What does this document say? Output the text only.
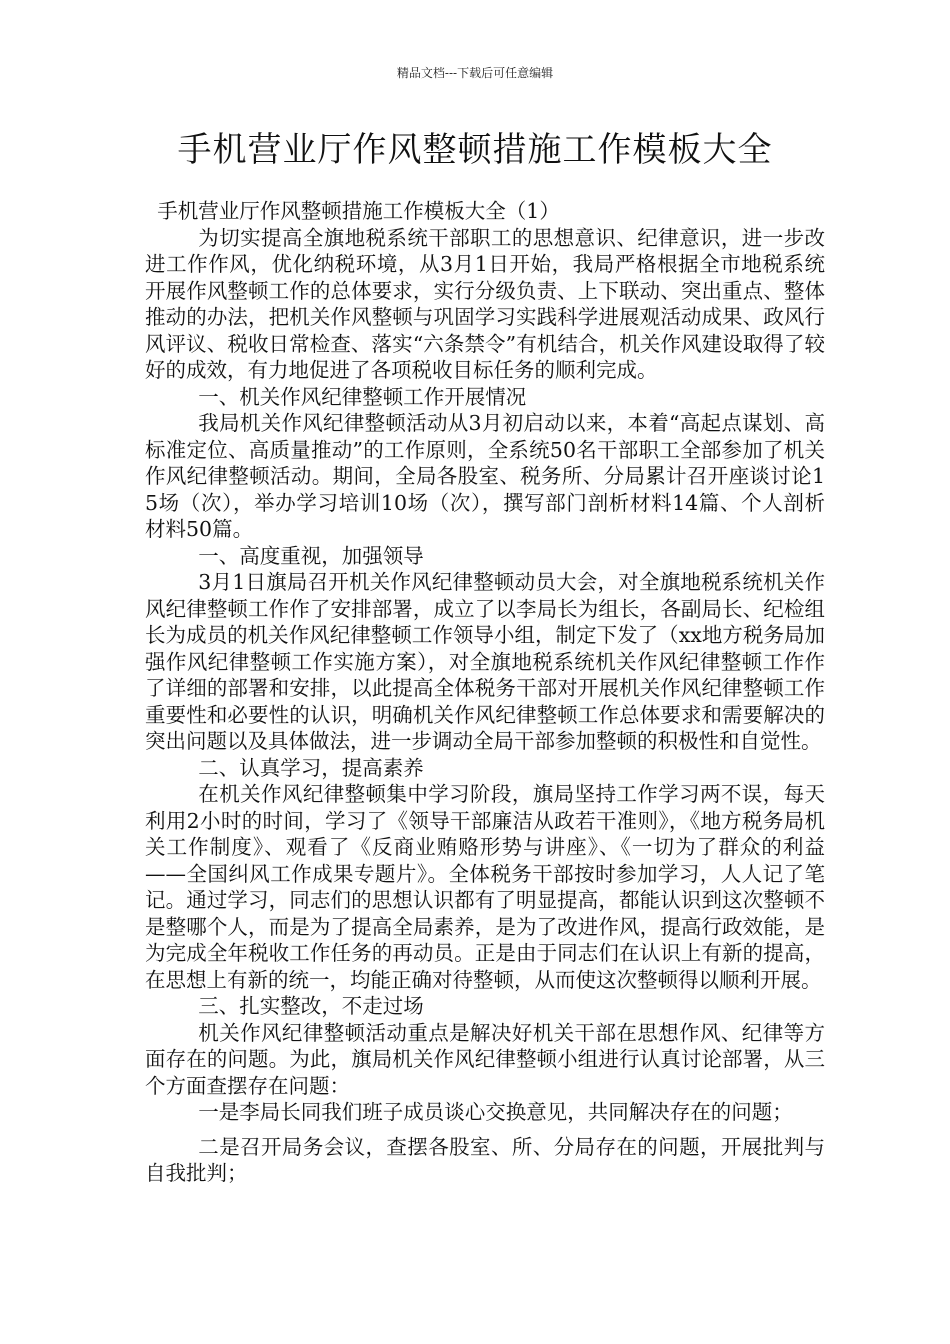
精品文档---下载后可任意编辑
手机营业厅作风整顿措施工作模板大全

手机营业厅作风整顿措施工作模板大全（1）

为切实提高全旗地税系统干部职工的思想意识、纪律意识，进一步改进工作作风，优化纳税环境，从3月1日开始，我局严格根据全市地税系统开展作风整顿工作的总体要求，实行分级负责、上下联动、突出重点、整体推动的办法，把机关作风整顿与巩固学习实践科学进展观活动成果、政风行风评议、税收日常检查、落实“六条禁令”有机结合，机关作风建设取得了较好的成效，有力地促进了各项税收目标任务的顺利完成。

一、机关作风纪律整顿工作开展情况

我局机关作风纪律整顿活动从3月初启动以来，本着“高起点谋划、高标准定位、高质量推动”的工作原则，全系统50名干部职工全部参加了机关作风纪律整顿活动。期间，全局各股室、税务所、分局累计召开座谈讨论15场（次），举办学习培训10场（次），撰写部门剖析材料14篇、个人剖析材料50篇。

一、高度重视，加强领导

3月1日旗局召开机关作风纪律整顿动员大会，对全旗地税系统机关作风纪律整顿工作作了安排部署，成立了以李局长为组长，各副局长、纪检组长为成员的机关作风纪律整顿工作领导小组，制定下发了（xx地方税务局加强作风纪律整顿工作实施方案），对全旗地税系统机关作风纪律整顿工作作了详细的部署和安排，以此提高全体税务干部对开展机关作风纪律整顿工作重要性和必要性的认识，明确机关作风纪律整顿工作总体要求和需要解决的突出问题以及具体做法，进一步调动全局干部参加整顿的积极性和自觉性。

二、认真学习，提高素养

在机关作风纪律整顿集中学习阶段，旗局坚持工作学习两不误，每天利用2小时的时间，学习了《领导干部廉洁从政若干准则》，《地方税务局机关工作制度》、观看了《反商业贿赂形势与讲座》、《一切为了群众的利益——全国纠风工作成果专题片》。全体税务干部按时参加学习，人人记了笔记。通过学习，同志们的思想认识都有了明显提高，都能认识到这次整顿不是整哪个人，而是为了提高全局素养，是为了改进作风，提高行政效能，是为完成全年税收工作任务的再动员。正是由于同志们在认识上有新的提高，在思想上有新的统一，均能正确对待整顿，从而使这次整顿得以顺利开展。

三、扎实整改，不走过场

机关作风纪律整顿活动重点是解决好机关干部在思想作风、纪律等方面存在的问题。为此，旗局机关作风纪律整顿小组进行认真讨论部署，从三个方面查摆存在问题：

一是李局长同我们班子成员谈心交换意见，共同解决存在的问题；

二是召开局务会议，查摆各股室、所、分局存在的问题，开展批判与自我批判；
